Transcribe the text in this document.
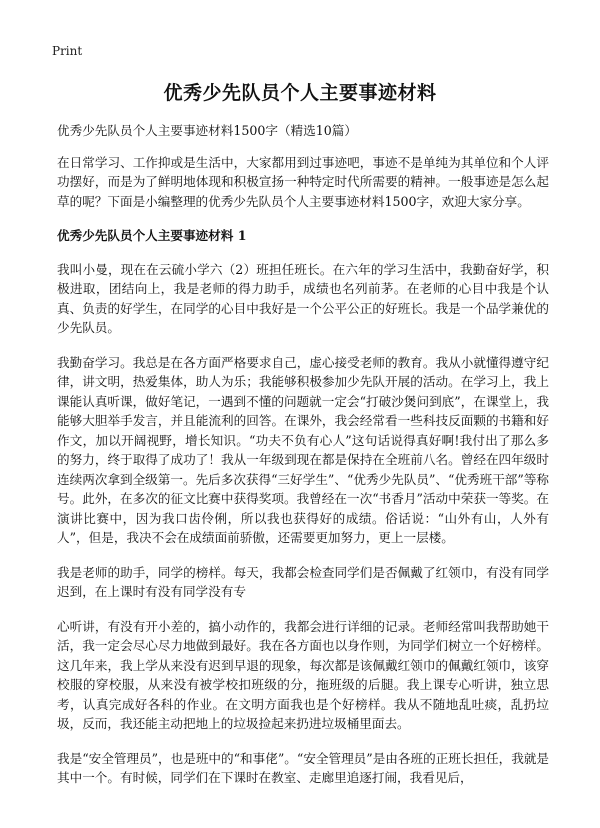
Print
优秀少先队员个人主要事迹材料

优秀少先队员个人主要事迹材料1500字（精选10篇）

在日常学习、工作抑或是生活中，大家都用到过事迹吧，事迹不是单纯为其单位和个人评功摆好，而是为了鲜明地体现和积极宣扬一种特定时代所需要的精神。一般事迹是怎么起草的呢？下面是小编整理的优秀少先队员个人主要事迹材料1500字，欢迎大家分享。

优秀少先队员个人主要事迹材料 1

我叫小曼，现在在云硫小学六（2）班担任班长。在六年的学习生活中，我勤奋好学，积极进取，团结向上，我是老师的得力助手，成绩也名列前茅。在老师的心目中我是个认真、负责的好学生，在同学的心目中我好是一个公平公正的好班长。我是一个品学兼优的少先队员。

我勤奋学习。我总是在各方面严格要求自己，虚心接受老师的教育。我从小就懂得遵守纪律，讲文明，热爱集体，助人为乐；我能够积极参加少先队开展的活动。在学习上，我上课能认真听课，做好笔记，一遇到不懂的问题就一定会“打破沙煲问到底”，在课堂上，我能够大胆举手发言，并且能流利的回答。在课外，我会经常看一些科技反面颗的书籍和好作文，加以开阔视野，增长知识。“功夫不负有心人”这句话说得真好啊!我付出了那么多的努力，终于取得了成功了！我从一年级到现在都是保持在全班前八名。曾经在四年级时连续两次拿到全级第一。先后多次获得“三好学生”、“优秀少先队员”、“优秀班干部”等称号。此外，在多次的征文比赛中获得奖项。我曾经在一次“书香月”活动中荣获一等奖。在演讲比赛中，因为我口齿伶俐，所以我也获得好的成绩。俗话说：“山外有山，人外有人”，但是，我决不会在成绩面前骄傲，还需要更加努力，更上一层楼。

我是老师的助手，同学的榜样。每天，我都会检查同学们是否佩戴了红领巾，有没有同学迟到，在上课时有没有同学没有专

心听讲，有没有开小差的，搞小动作的，我都会进行详细的记录。老师经常叫我帮助她干活，我一定会尽心尽力地做到最好。我在各方面也以身作则，为同学们树立一个好榜样。这几年来，我上学从来没有迟到早退的现象，每次都是该佩戴红领巾的佩戴红领巾，该穿校服的穿校服，从来没有被学校扣班级的分，拖班级的后腿。我上课专心听讲，独立思考，认真完成好各科的作业。在文明方面我也是个好榜样。我从不随地乱吐痰，乱扔垃圾，反而，我还能主动把地上的垃圾捡起来扔进垃圾桶里面去。

我是“安全管理员”，也是班中的“和事佬”。“安全管理员”是由各班的正班长担任，我就是其中一个。有时候，同学们在下课时在教室、走廊里追逐打闹，我看见后，
